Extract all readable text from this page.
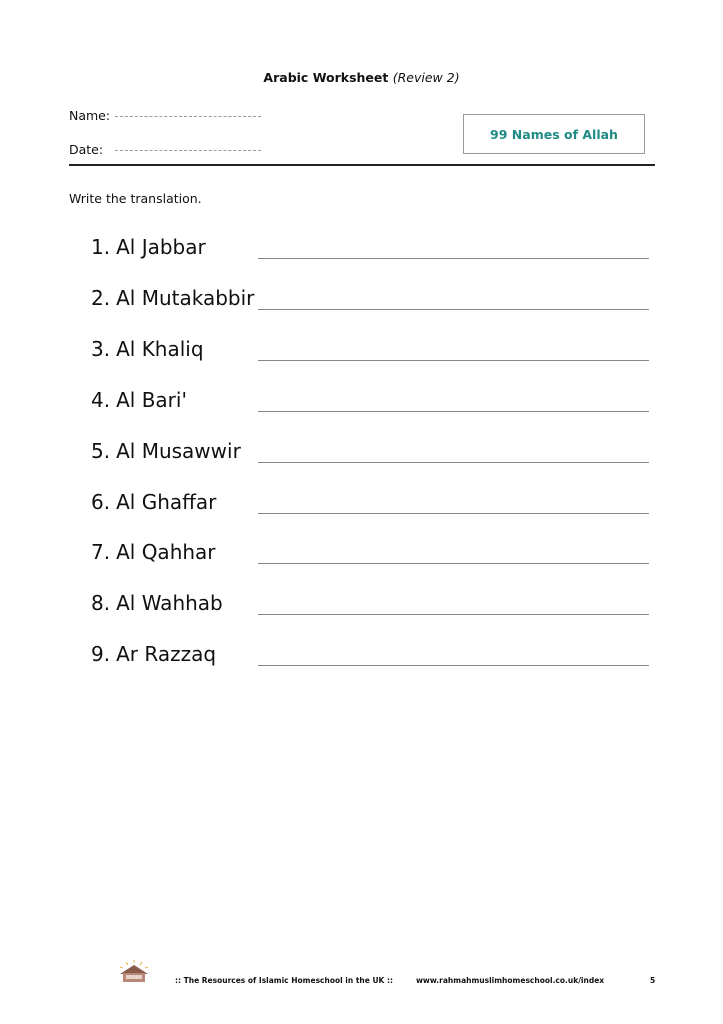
Arabic Worksheet (Review 2)
Name:
Date:
99 Names of Allah
Write the translation.
1. Al Jabbar
2. Al Mutakabbir
3. Al Khaliq
4. Al Bari'
5. Al Musawwir
6. Al Ghaffar
7. Al Qahhar
8. Al Wahhab
9. Ar Razzaq
:: The Resources of Islamic Homeschool in the UK ::	www.rahmahmuslimhomeschool.co.uk/index	5
